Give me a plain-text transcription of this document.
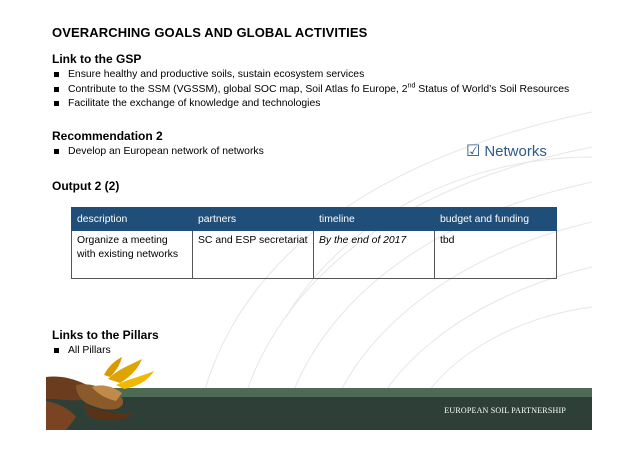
OVERARCHING GOALS AND GLOBAL ACTIVITIES
Link to the GSP
Ensure healthy and productive soils, sustain ecosystem services
Contribute to the SSM (VGSSM), global SOC map, Soil Atlas fo Europe, 2nd Status of World’s Soil Resources
Facilitate the exchange of knowledge and technologies
Recommendation 2
Develop an European network of networks	☑ Networks
Output 2 (2)
description	partners	timeline	budget and funding
Organize a meeting with existing networks	SC and ESP secretariat	By the end of 2017	tbd
Links to the Pillars
All Pillars
EUROPEAN SOIL PARTNERSHIP
